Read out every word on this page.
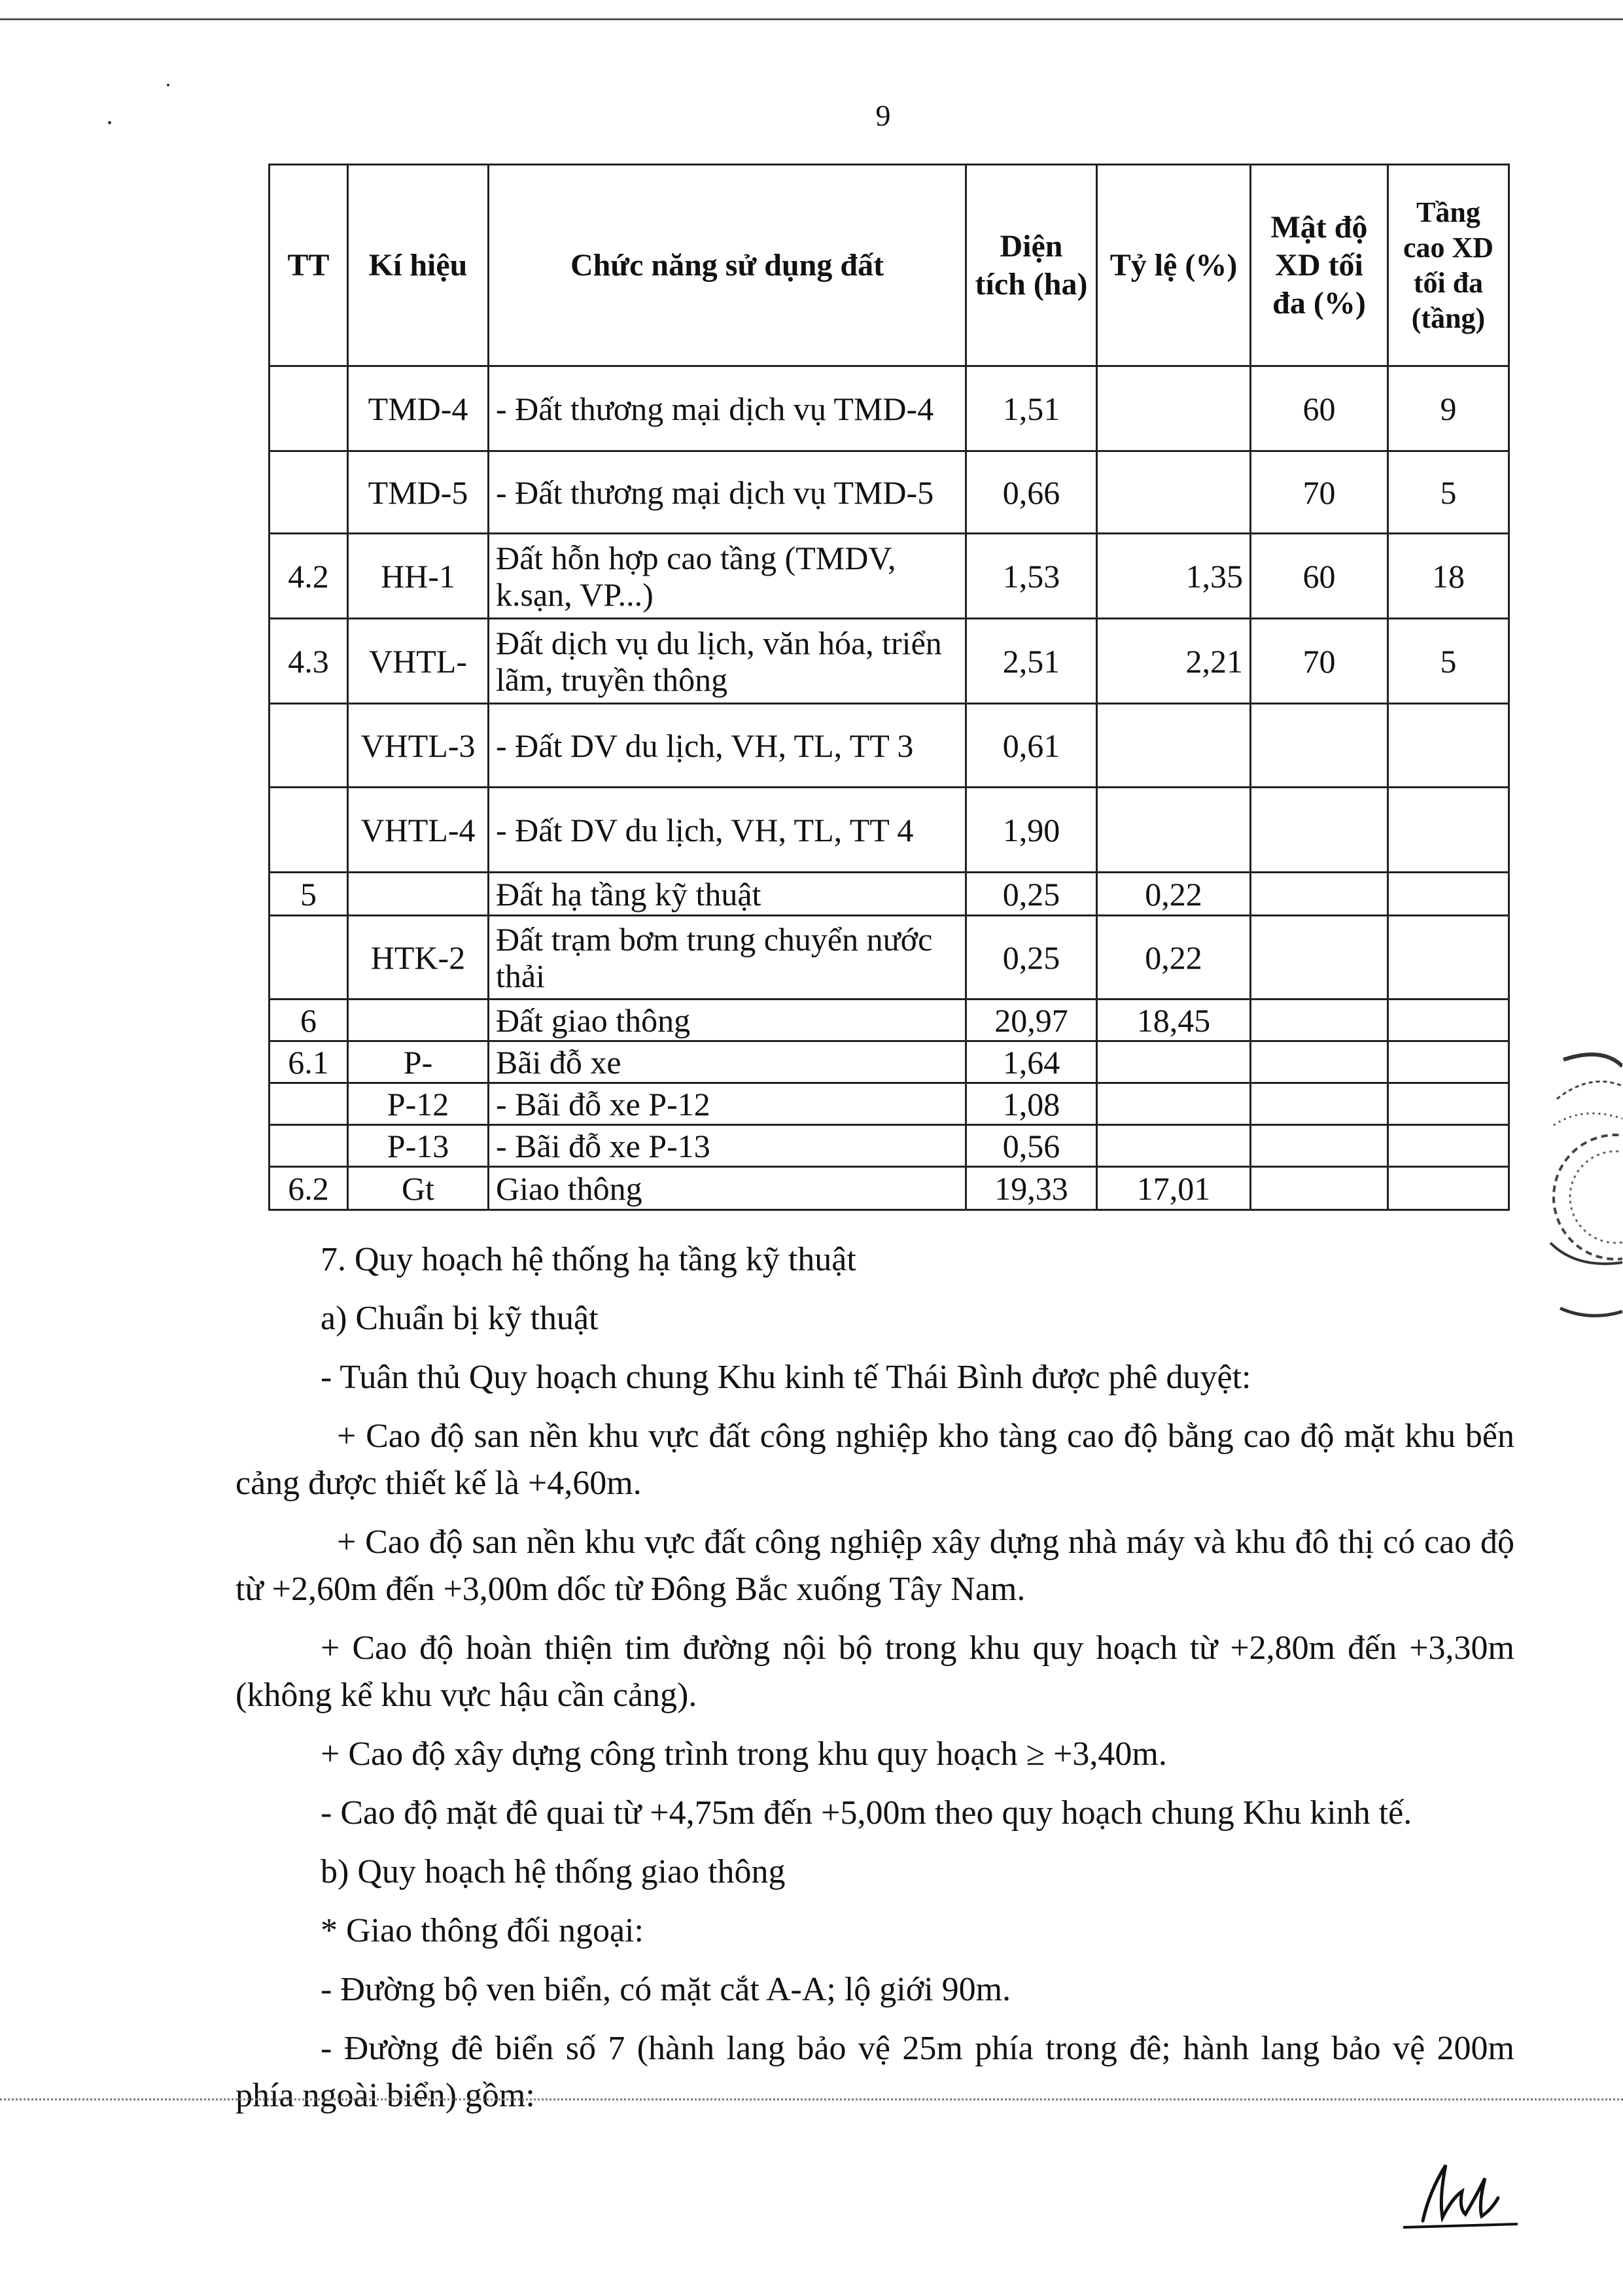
9
TT	Kí hiệu	Chức năng sử dụng đất	Diện tích (ha)	Tỷ lệ (%)	Mật độ XD tối đa (%)	Tầng cao XD tối đa (tầng)
	TMD-4	- Đất thương mại dịch vụ TMD-4	1,51		60	9
	TMD-5	- Đất thương mại dịch vụ TMD-5	0,66		70	5
4.2	HH-1	Đất hỗn hợp cao tầng (TMDV, k.sạn, VP...)	1,53	1,35	60	18
4.3	VHTL-	Đất dịch vụ du lịch, văn hóa, triển lãm, truyền thông	2,51	2,21	70	5
	VHTL-3	- Đất DV du lịch, VH, TL, TT 3	0,61			
	VHTL-4	- Đất DV du lịch, VH, TL, TT 4	1,90			
5		Đất hạ tầng kỹ thuật	0,25	0,22		
	HTK-2	Đất trạm bơm trung chuyển nước thải	0,25	0,22		
6		Đất giao thông	20,97	18,45		
6.1	P-	Bãi đỗ xe	1,64			
	P-12	- Bãi đỗ xe P-12	1,08			
	P-13	- Bãi đỗ xe P-13	0,56			
6.2	Gt	Giao thông	19,33	17,01		

7. Quy hoạch hệ thống hạ tầng kỹ thuật

a) Chuẩn bị kỹ thuật

- Tuân thủ Quy hoạch chung Khu kinh tế Thái Bình được phê duyệt:

+ Cao độ san nền khu vực đất công nghiệp kho tàng cao độ bằng cao độ mặt khu bến cảng được thiết kế là +4,60m.

+ Cao độ san nền khu vực đất công nghiệp xây dựng nhà máy và khu đô thị có cao độ từ +2,60m đến +3,00m dốc từ Đông Bắc xuống Tây Nam.

+ Cao độ hoàn thiện tim đường nội bộ trong khu quy hoạch từ +2,80m đến +3,30m (không kể khu vực hậu cần cảng).

+ Cao độ xây dựng công trình trong khu quy hoạch ≥ +3,40m.

- Cao độ mặt đê quai từ +4,75m đến +5,00m theo quy hoạch chung Khu kinh tế.

b) Quy hoạch hệ thống giao thông

* Giao thông đối ngoại:

- Đường bộ ven biển, có mặt cắt A-A; lộ giới 90m.

- Đường đê biển số 7 (hành lang bảo vệ 25m phía trong đê; hành lang bảo vệ 200m phía ngoài biển) gồm:
